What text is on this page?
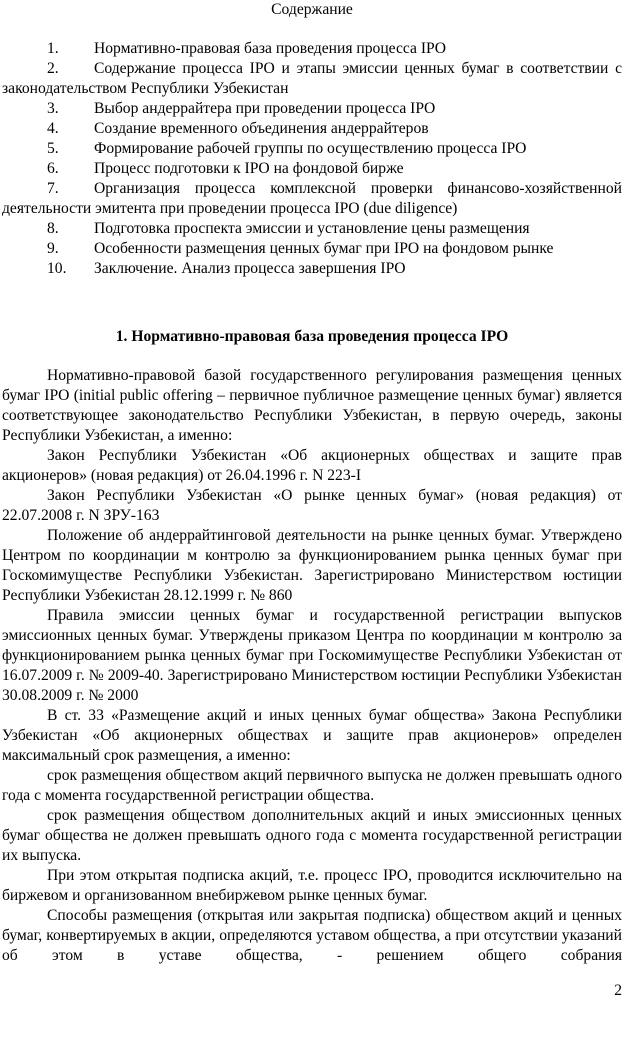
Содержание
1. Нормативно-правовая база проведения процесса IPO
2. Содержание процесса IPO и этапы эмиссии ценных бумаг в соответствии с законодательством Республики Узбекистан
3. Выбор андеррайтера при проведении процесса IPO
4. Создание временного объединения андеррайтеров
5. Формирование рабочей группы по осуществлению процесса IPO
6. Процесс подготовки к IPO на фондовой бирже
7. Организация процесса комплексной проверки финансово-хозяйственной деятельности эмитента при проведении процесса IPO (due diligence)
8. Подготовка проспекта эмиссии и установление цены размещения
9. Особенности размещения ценных бумаг при IPO на фондовом рынке
10. Заключение. Анализ процесса завершения IPO
1. Нормативно-правовая база проведения процесса IPO

Нормативно-правовой базой государственного регулирования размещения ценных бумаг IPO (initial public offering – первичное публичное размещение ценных бумаг) является соответствующее законодательство Республики Узбекистан, в первую очередь, законы Республики Узбекистан, а именно:

Закон Республики Узбекистан «Об акционерных обществах и защите прав акционеров» (новая редакция) от 26.04.1996 г. N 223-I

Закон Республики Узбекистан «О рынке ценных бумаг» (новая редакция) от 22.07.2008 г. N ЗРУ-163

Положение об андеррайтинговой деятельности на рынке ценных бумаг. Утверждено Центром по координации м контролю за функционированием рынка ценных бумаг при Госкомимуществе Республики Узбекистан. Зарегистрировано Министерством юстиции Республики Узбекистан 28.12.1999 г. № 860

Правила эмиссии ценных бумаг и государственной регистрации выпусков эмиссионных ценных бумаг. Утверждены приказом Центра по координации м контролю за функционированием рынка ценных бумаг при Госкомимуществе Республики Узбекистан от 16.07.2009 г. № 2009-40. Зарегистрировано Министерством юстиции Республики Узбекистан 30.08.2009 г. № 2000

В ст. 33 «Размещение акций и иных ценных бумаг общества» Закона Республики Узбекистан «Об акционерных обществах и защите прав акционеров» определен максимальный срок размещения, а именно:

срок размещения обществом акций первичного выпуска не должен превышать одного года с момента государственной регистрации общества.

срок размещения обществом дополнительных акций и иных эмиссионных ценных бумаг общества не должен превышать одного года с момента государственной регистрации их выпуска.

При этом открытая подписка акций, т.е. процесс IPO, проводится исключительно на биржевом и организованном внебиржевом рынке ценных бумаг.

Способы размещения (открытая или закрытая подписка) обществом акций и ценных бумаг, конвертируемых в акции, определяются уставом общества, а при отсутствии указаний об этом в уставе общества, - решением общего собрания

2
